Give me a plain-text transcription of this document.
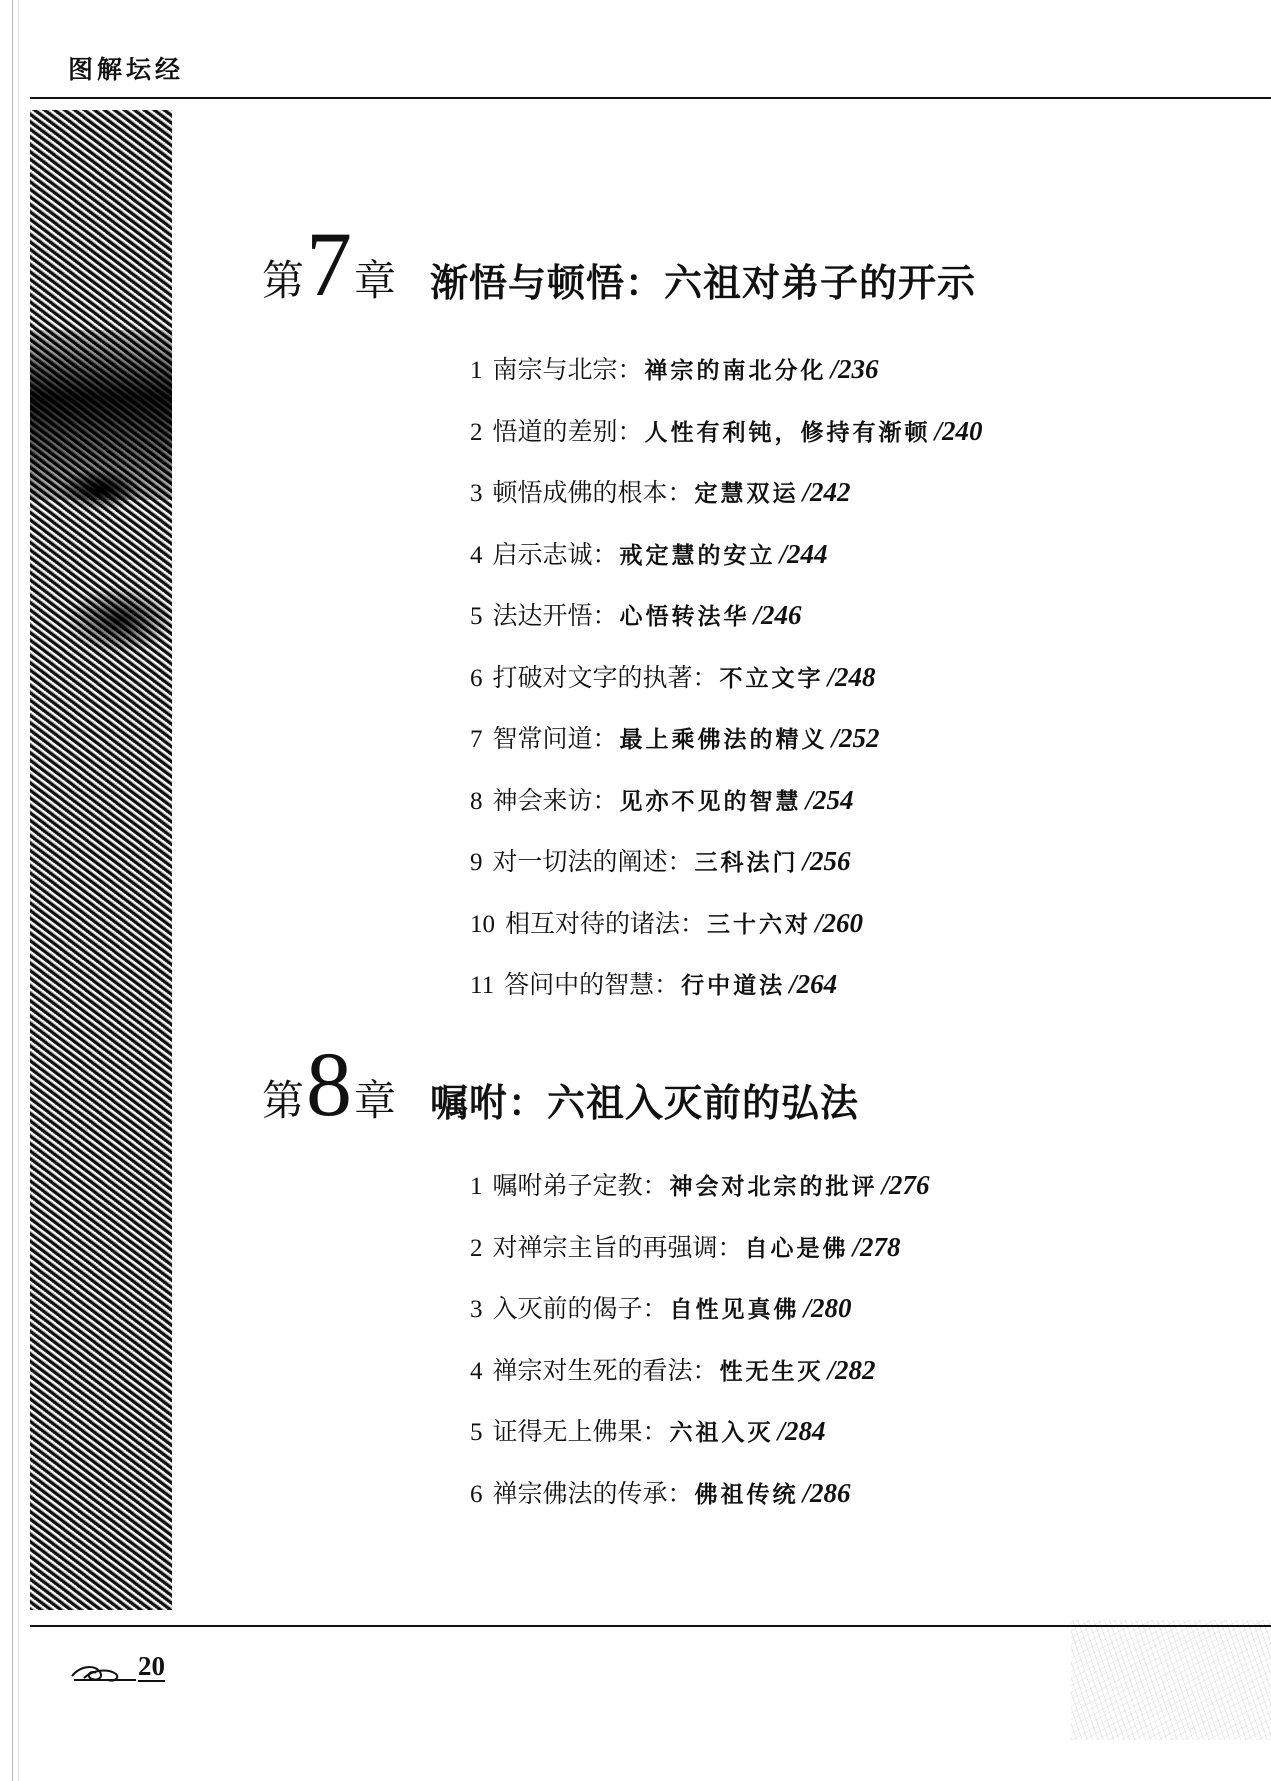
图解坛经
第 7 章 渐悟与顿悟：六祖对弟子的开示
1 南宗与北宗： 禅宗的南北分化 /236
2 悟道的差别： 人性有利钝，修持有渐顿 /240
3 顿悟成佛的根本： 定慧双运 /242
4 启示志诚： 戒定慧的安立 /244
5 法达开悟： 心悟转法华 /246
6 打破对文字的执著： 不立文字 /248
7 智常问道： 最上乘佛法的精义 /252
8 神会来访： 见亦不见的智慧 /254
9 对一切法的阐述： 三科法门 /256
10 相互对待的诸法： 三十六对 /260
11 答问中的智慧： 行中道法 /264
第 8 章 嘱咐：六祖入灭前的弘法
1 嘱咐弟子定教： 神会对北宗的批评 /276
2 对禅宗主旨的再强调： 自心是佛 /278
3 入灭前的偈子： 自性见真佛 /280
4 禅宗对生死的看法： 性无生灭 /282
5 证得无上佛果： 六祖入灭 /284
6 禅宗佛法的传承： 佛祖传统 /286
20
